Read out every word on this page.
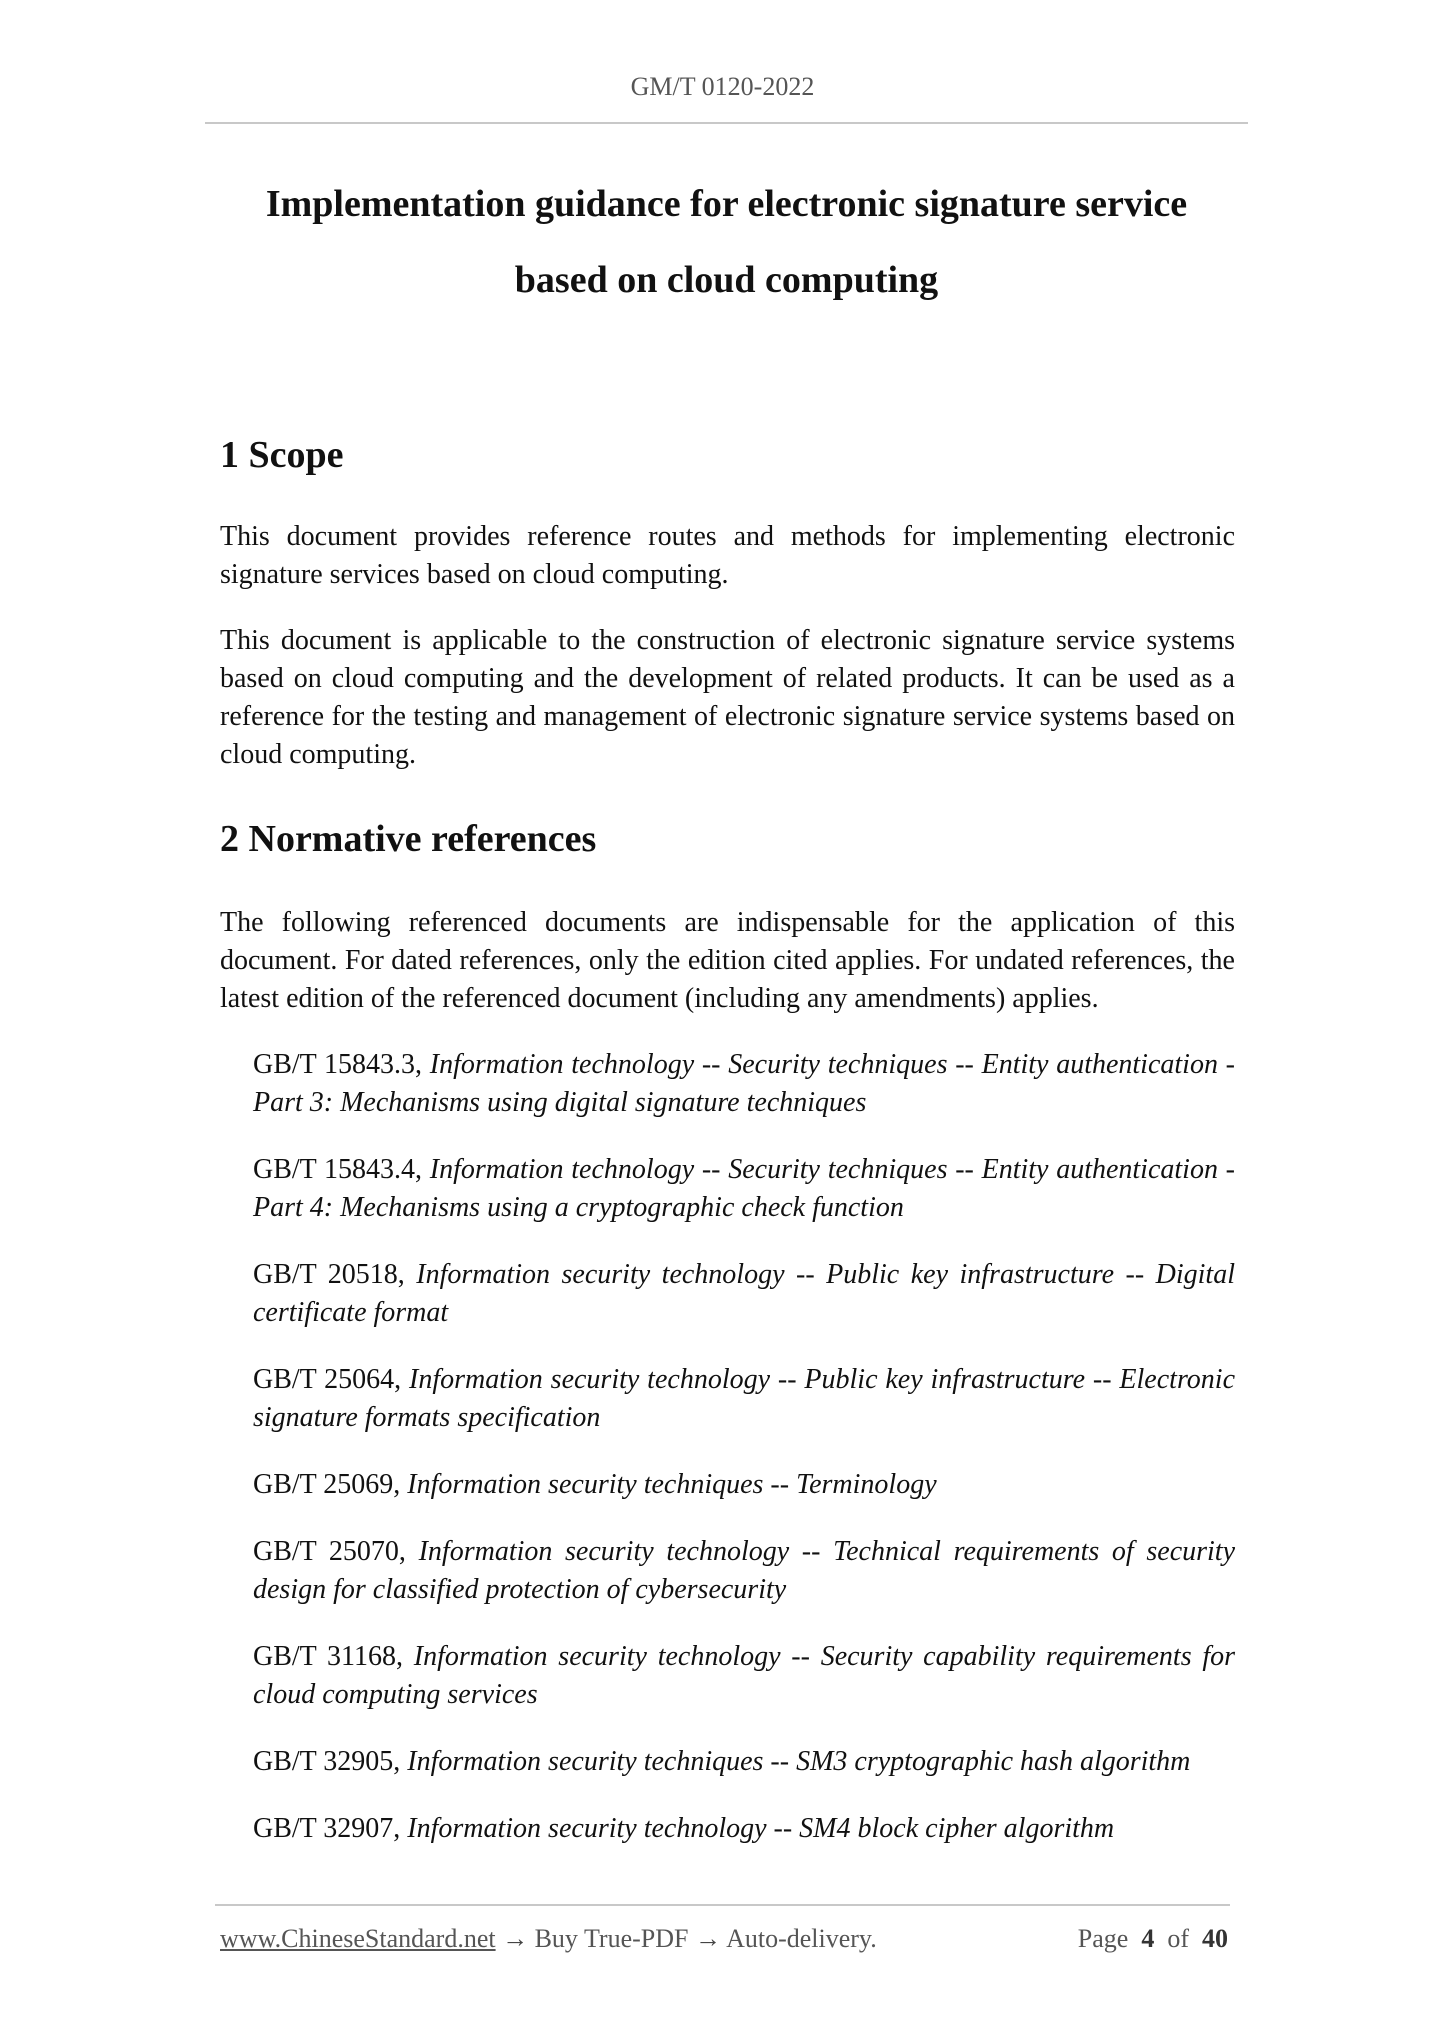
GM/T 0120-2022
Implementation guidance for electronic signature service
based on cloud computing
1 Scope

This document provides reference routes and methods for implementing electronic signature services based on cloud computing.

This document is applicable to the construction of electronic signature service systems based on cloud computing and the development of related products. It can be used as a reference for the testing and management of electronic signature service systems based on cloud computing.

2 Normative references

The following referenced documents are indispensable for the application of this document. For dated references, only the edition cited applies. For undated references, the latest edition of the referenced document (including any amendments) applies.

GB/T 15843.3, Information technology -- Security techniques -- Entity authentication - Part 3: Mechanisms using digital signature techniques
GB/T 15843.4, Information technology -- Security techniques -- Entity authentication - Part 4: Mechanisms using a cryptographic check function
GB/T 20518, Information security technology -- Public key infrastructure -- Digital certificate format
GB/T 25064, Information security technology -- Public key infrastructure -- Electronic signature formats specification
GB/T 25069, Information security techniques -- Terminology
GB/T 25070, Information security technology -- Technical requirements of security design for classified protection of cybersecurity
GB/T 31168, Information security technology -- Security capability requirements for cloud computing services
GB/T 32905, Information security techniques -- SM3 cryptographic hash algorithm
GB/T 32907, Information security technology -- SM4 block cipher algorithm
www.ChineseStandard.net → Buy True-PDF → Auto-delivery.	Page 4 of 40
